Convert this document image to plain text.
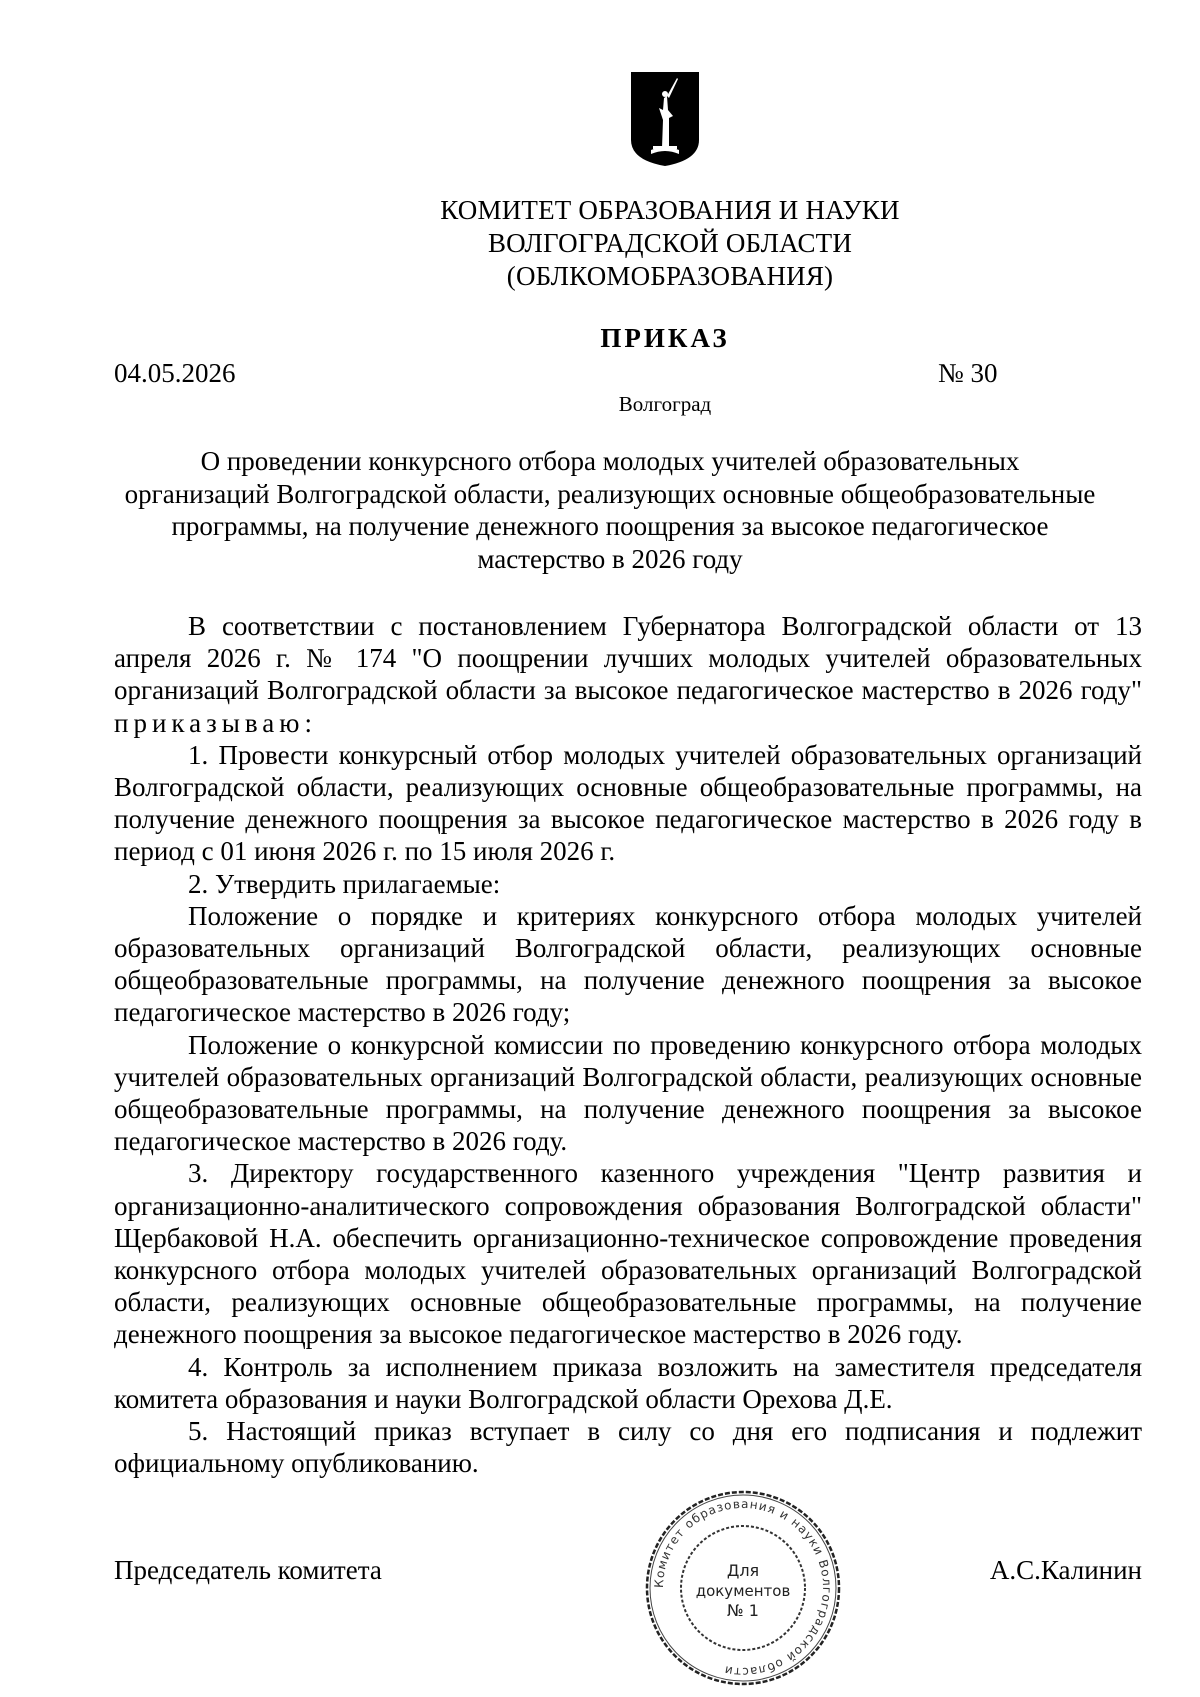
КОМИТЕТ ОБРАЗОВАНИЯ И НАУКИ
ВОЛГОГРАДСКОЙ ОБЛАСТИ
(ОБЛКОМОБРАЗОВАНИЯ)
ПРИКАЗ
04.05.2026	№ 30
Волгоград
О проведении конкурсного отбора молодых учителей образовательных
организаций Волгоградской области, реализующих основные общеобразовательные
программы, на получение денежного поощрения за высокое педагогическое
мастерство в 2026 году

В соответствии с постановлением Губернатора Волгоградской области от 13 апреля 2026 г. № 174 "О поощрении лучших молодых учителей образовательных организаций Волгоградской области за высокое педагогическое мастерство в 2026 году" приказываю:

1. Провести конкурсный отбор молодых учителей образовательных организаций Волгоградской области, реализующих основные общеобразовательные программы, на получение денежного поощрения за высокое педагогическое мастерство в 2026 году в период с 01 июня 2026 г. по 15 июля 2026 г.

2. Утвердить прилагаемые:

Положение о порядке и критериях конкурсного отбора молодых учителей образовательных организаций Волгоградской области, реализующих основные общеобразовательные программы, на получение денежного поощрения за высокое педагогическое мастерство в 2026 году;

Положение о конкурсной комиссии по проведению конкурсного отбора молодых учителей образовательных организаций Волгоградской области, реализующих основные общеобразовательные программы, на получение денежного поощрения за высокое педагогическое мастерство в 2026 году.

3. Директору государственного казенного учреждения "Центр развития и организационно-аналитического сопровождения образования Волгоградской области" Щербаковой Н.А. обеспечить организационно-техническое сопровождение проведения конкурсного отбора молодых учителей образовательных организаций Волгоградской области, реализующих основные общеобразовательные программы, на получение денежного поощрения за высокое педагогическое мастерство в 2026 году.

4. Контроль за исполнением приказа возложить на заместителя председателя комитета образования и науки Волгоградской области Орехова Д.Е.

5. Настоящий приказ вступает в силу со дня его подписания и подлежит официальному опубликованию.

Председатель комитета	А.С.Калинин
Комитет образования и науки Волгоградской области
Для
документов
№ 1
